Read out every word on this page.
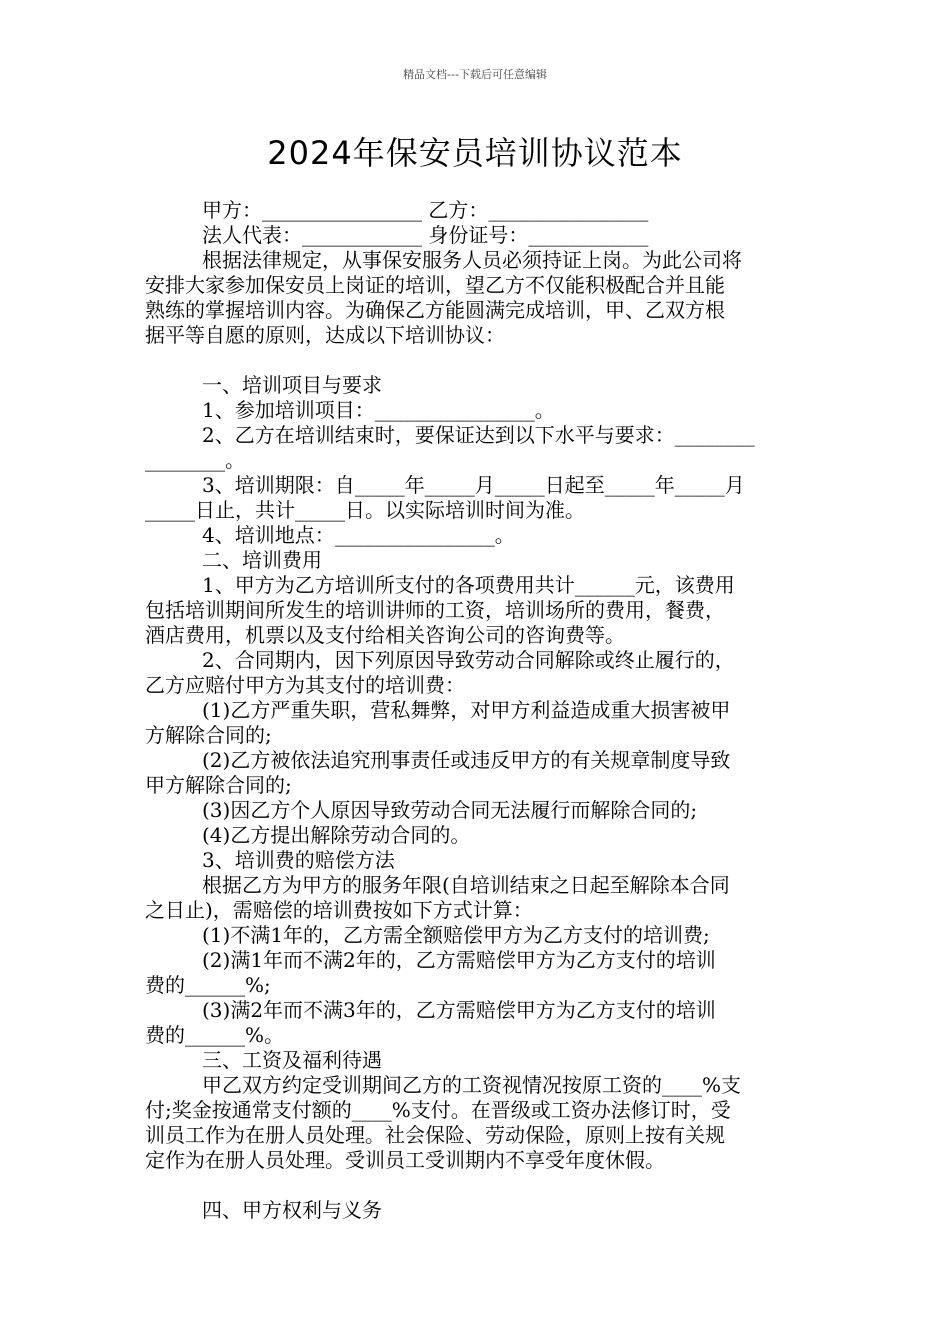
精品文档---下载后可任意编辑
2024年保安员培训协议范本
甲方：________________ 乙方：________________
法人代表：____________ 身份证号：____________
根据法律规定，从事保安服务人员必须持证上岗。为此公司将
安排大家参加保安员上岗证的培训，望乙方不仅能积极配合并且能
熟练的掌握培训内容。为确保乙方能圆满完成培训，甲、乙双方根
据平等自愿的原则，达成以下培训协议：
一、培训项目与要求
1、参加培训项目：________________。
2、乙方在培训结束时，要保证达到以下水平与要求：________
________。
3、培训期限：自_____年_____月_____日起至_____年_____月
_____日止，共计_____日。以实际培训时间为准。
4、培训地点：________________。
二、培训费用
1、甲方为乙方培训所支付的各项费用共计______元，该费用
包括培训期间所发生的培训讲师的工资，培训场所的费用，餐费，
酒店费用，机票以及支付给相关咨询公司的咨询费等。
2、合同期内，因下列原因导致劳动合同解除或终止履行的，
乙方应赔付甲方为其支付的培训费：
(1)乙方严重失职，营私舞弊，对甲方利益造成重大损害被甲
方解除合同的;
(2)乙方被依法追究刑事责任或违反甲方的有关规章制度导致
甲方解除合同的;
(3)因乙方个人原因导致劳动合同无法履行而解除合同的;
(4)乙方提出解除劳动合同的。
3、培训费的赔偿方法
根据乙方为甲方的服务年限(自培训结束之日起至解除本合同
之日止)，需赔偿的培训费按如下方式计算：
(1)不满1年的，乙方需全额赔偿甲方为乙方支付的培训费;
(2)满1年而不满2年的，乙方需赔偿甲方为乙方支付的培训
费的______%;
(3)满2年而不满3年的，乙方需赔偿甲方为乙方支付的培训
费的______%。
三、工资及福利待遇
甲乙双方约定受训期间乙方的工资视情况按原工资的____%支
付;奖金按通常支付额的____%支付。在晋级或工资办法修订时，受
训员工作为在册人员处理。社会保险、劳动保险，原则上按有关规
定作为在册人员处理。受训员工受训期内不享受年度休假。
四、甲方权利与义务
